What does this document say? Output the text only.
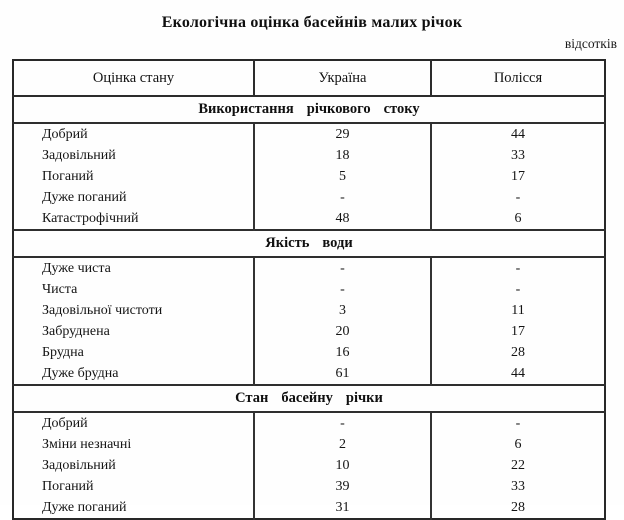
Екологічна оцінка басейнів малих річок
відсотків
Оцінка стану	Україна	Полісся
Використання річкового стоку		
Добрий	29	44
Задовільний	18	33
Поганий	5	17
Дуже поганий	-	-
Катастрофічний	48	6
Якість води		
Дуже чиста	-	-
Чиста	-	-
Задовільної чистоти	3	11
Забруднена	20	17
Брудна	16	28
Дуже брудна	61	44
Стан басейну річки		
Добрий	-	-
Зміни незначні	2	6
Задовільний	10	22
Поганий	39	33
Дуже поганий	31	28
